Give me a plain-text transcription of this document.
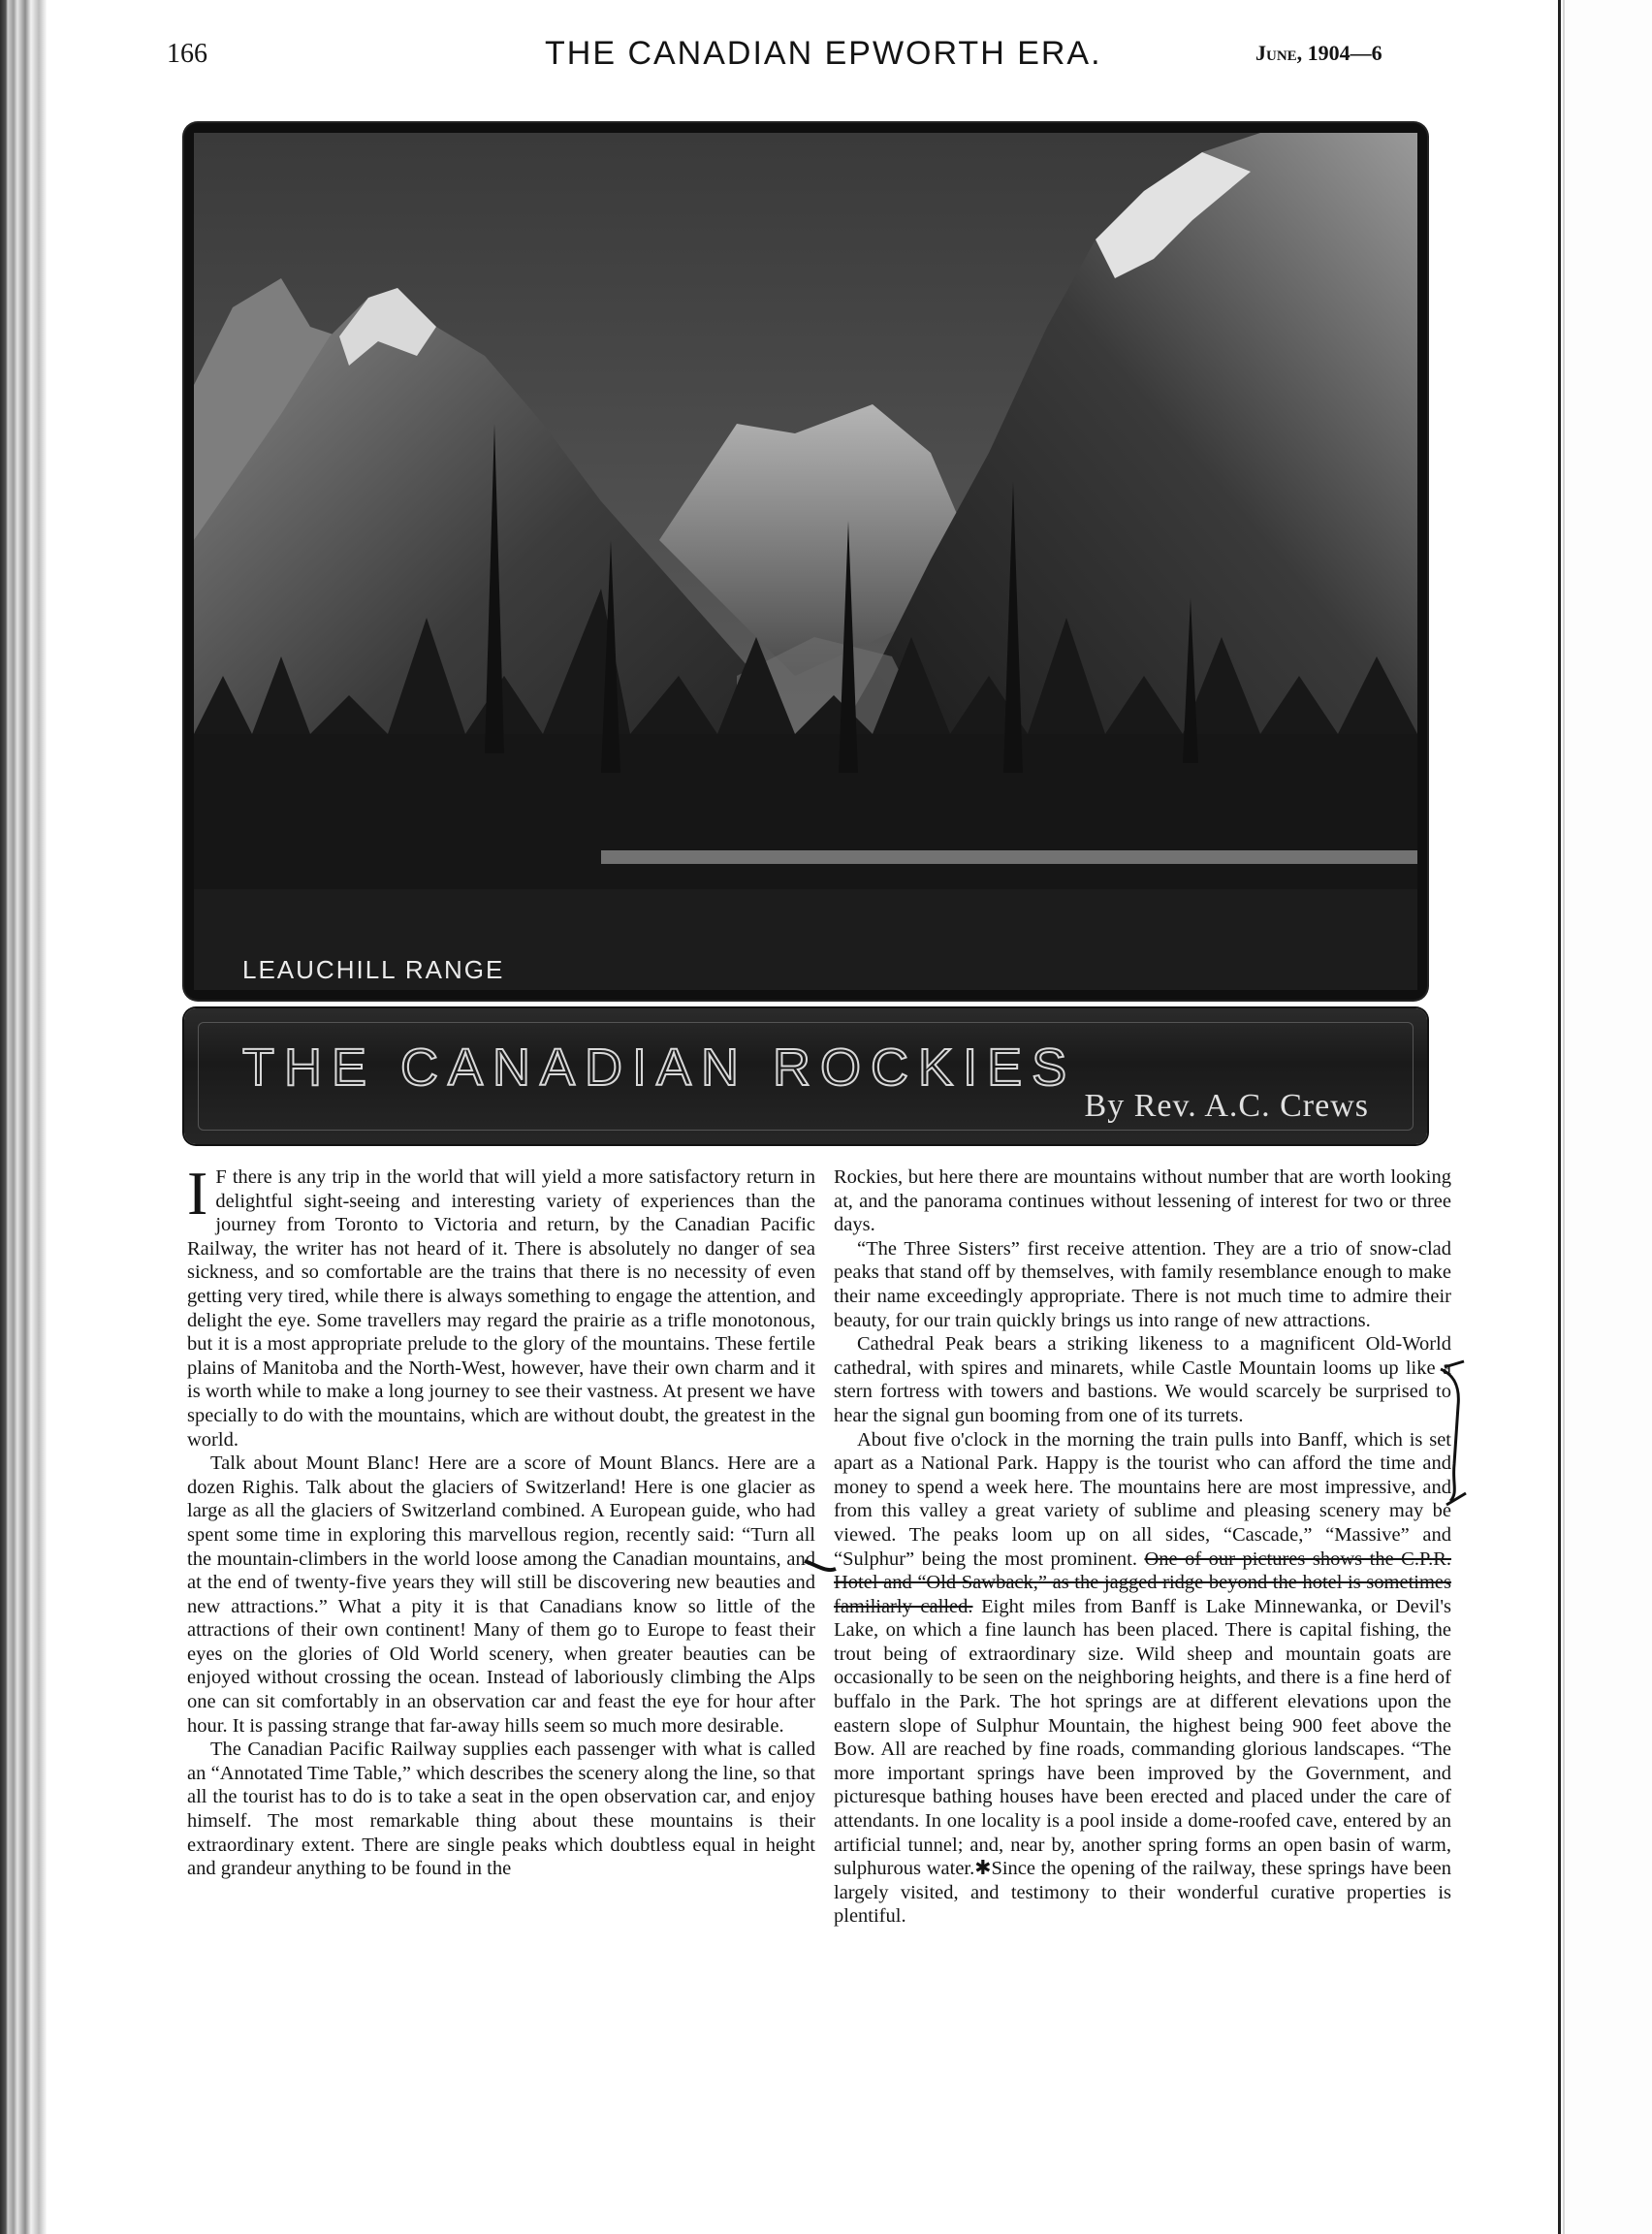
166	THE CANADIAN EPWORTH ERA.	June, 1904—6
LEAUCHILL RANGE
THE CANADIAN ROCKIES
By Rev. A.C. Crews

I F there is any trip in the world that will yield a more satisfactory return in delightful sight-seeing and interesting variety of experiences than the journey from Toronto to Victoria and return, by the Canadian Pacific Railway, the writer has not heard of it. There is absolutely no danger of sea sickness, and so comfortable are the trains that there is no necessity of even getting very tired, while there is always something to engage the attention, and delight the eye. Some travellers may regard the prairie as a trifle monotonous, but it is a most appropriate prelude to the glory of the mountains. These fertile plains of Manitoba and the North-West, however, have their own charm and it is worth while to make a long journey to see their vastness. At present we have specially to do with the mountains, which are without doubt, the greatest in the world.

Talk about Mount Blanc! Here are a score of Mount Blancs. Here are a dozen Righis. Talk about the glaciers of Switzerland! Here is one glacier as large as all the glaciers of Switzerland combined. A European guide, who had spent some time in exploring this marvellous region, recently said: “Turn all the mountain-climbers in the world loose among the Canadian mountains, and at the end of twenty-five years they will still be discovering new beauties and new attractions.” What a pity it is that Canadians know so little of the attractions of their own continent! Many of them go to Europe to feast their eyes on the glories of Old World scenery, when greater beauties can be enjoyed without crossing the ocean. Instead of laboriously climbing the Alps one can sit comfortably in an observation car and feast the eye for hour after hour. It is passing strange that far-away hills seem so much more desirable.

The Canadian Pacific Railway supplies each passenger with what is called an “Annotated Time Table,” which describes the scenery along the line, so that all the tourist has to do is to take a seat in the open observation car, and enjoy himself. The most remarkable thing about these mountains is their extraordinary extent. There are single peaks which doubtless equal in height and grandeur anything to be found in the

Rockies, but here there are mountains without number that are worth looking at, and the panorama continues without lessening of interest for two or three days.

“The Three Sisters” first receive attention. They are a trio of snow-clad peaks that stand off by themselves, with family resemblance enough to make their name exceedingly appropriate. There is not much time to admire their beauty, for our train quickly brings us into range of new attractions.

Cathedral Peak bears a striking likeness to a magnificent Old-World cathedral, with spires and minarets, while Castle Mountain looms up like a stern fortress with towers and bastions. We would scarcely be surprised to hear the signal gun booming from one of its turrets.

About five o'clock in the morning the train pulls into Banff, which is set apart as a National Park. Happy is the tourist who can afford the time and money to spend a week here. The mountains here are most impressive, and from this valley a great variety of sublime and pleasing scenery may be viewed. The peaks loom up on all sides, “Cascade,” “Massive” and “Sulphur” being the most prominent. One of our pictures shows the C.P.R. Hotel and “Old Sawback,” as the jagged ridge beyond the hotel is sometimes familiarly called. Eight miles from Banff is Lake Minnewanka, or Devil's Lake, on which a fine launch has been placed. There is capital fishing, the trout being of extraordinary size. Wild sheep and mountain goats are occasionally to be seen on the neighboring heights, and there is a fine herd of buffalo in the Park. The hot springs are at different elevations upon the eastern slope of Sulphur Mountain, the highest being 900 feet above the Bow. All are reached by fine roads, commanding glorious landscapes. “The more important springs have been improved by the Government, and picturesque bathing houses have been erected and placed under the care of attendants. In one locality is a pool inside a dome-roofed cave, entered by an artificial tunnel; and, near by, another spring forms an open basin of warm, sulphurous water.✱Since the opening of the railway, these springs have been largely visited, and testimony to their wonderful curative properties is plentiful.
